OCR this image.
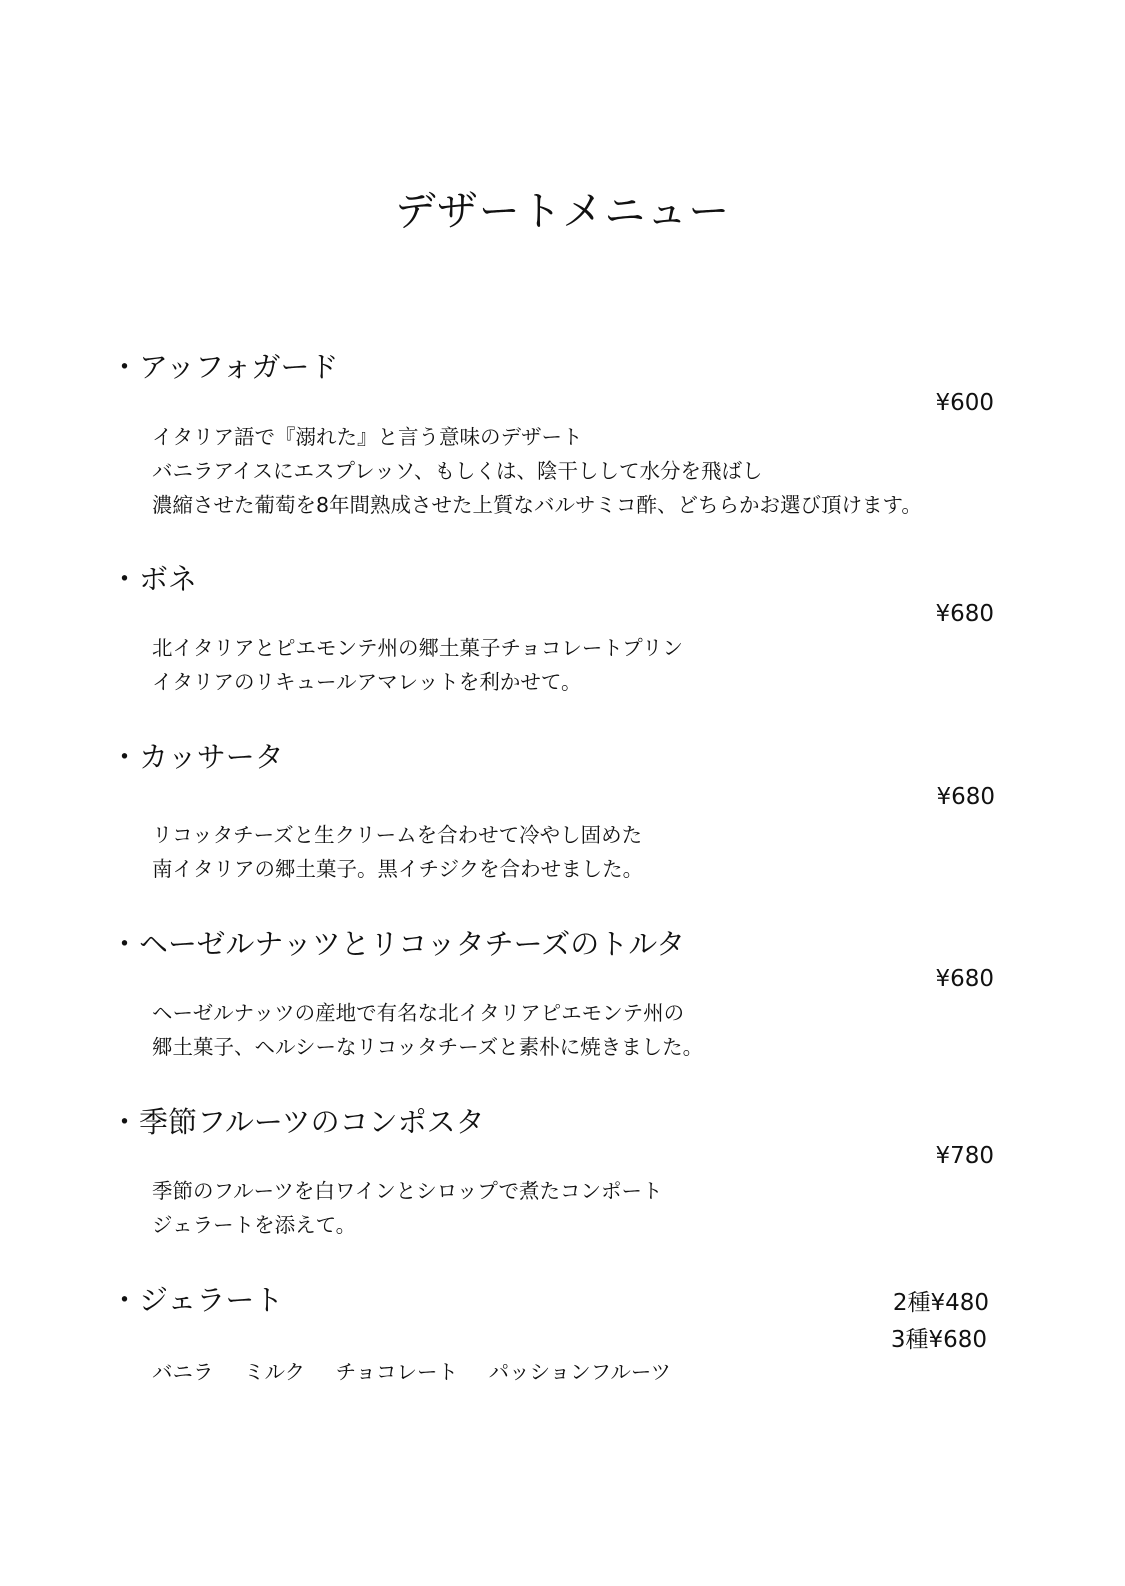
デザートメニュー
・アッフォガード
¥600
イタリア語で『溺れた』と言う意味のデザート
バニラアイスにエスプレッソ、もしくは、陰干しして水分を飛ばし
濃縮させた葡萄を8年間熟成させた上質なバルサミコ酢、どちらかお選び頂けます。
・ボネ
¥680
北イタリアとピエモンテ州の郷土菓子チョコレートプリン
イタリアのリキュールアマレットを利かせて。
・カッサータ
¥680
リコッタチーズと生クリームを合わせて冷やし固めた
南イタリアの郷土菓子。黒イチジクを合わせました。
・ヘーゼルナッツとリコッタチーズのトルタ
¥680
ヘーゼルナッツの産地で有名な北イタリアピエモンテ州の
郷土菓子、ヘルシーなリコッタチーズと素朴に焼きました。
・季節フルーツのコンポスタ
¥780
季節のフルーツを白ワインとシロップで煮たコンポート
ジェラートを添えて。
・ジェラート	2種¥480
3種¥680
バニラ ミルク チョコレート パッションフルーツ
